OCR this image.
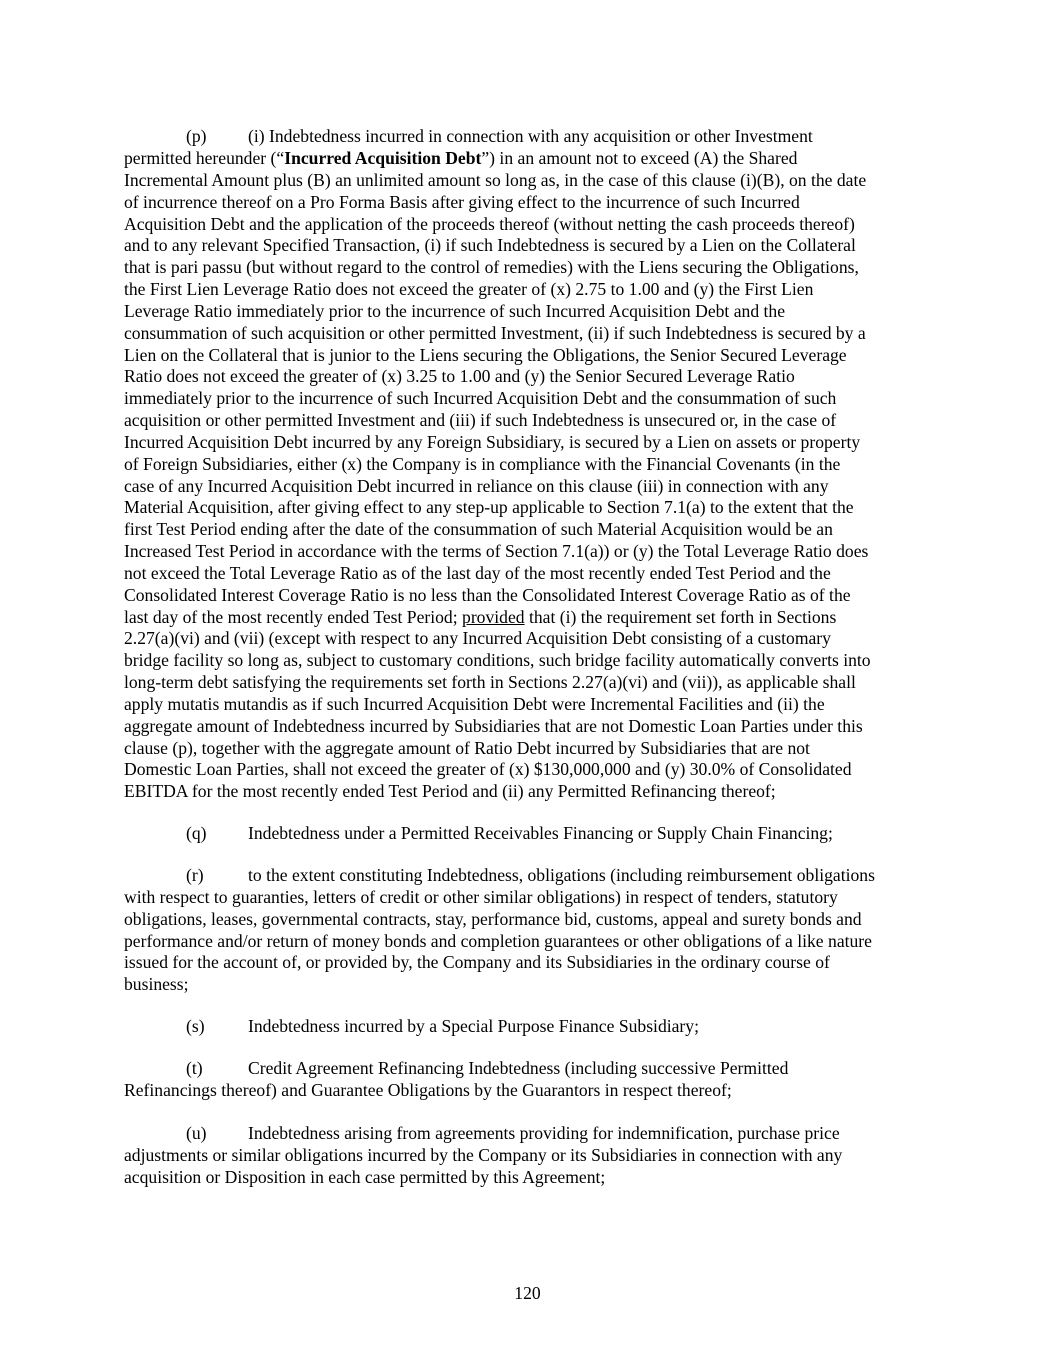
(p) (i) Indebtedness incurred in connection with any acquisition or other Investment
permitted hereunder (“Incurred Acquisition Debt”) in an amount not to exceed (A) the Shared
Incremental Amount plus (B) an unlimited amount so long as, in the case of this clause (i)(B), on the date
of incurrence thereof on a Pro Forma Basis after giving effect to the incurrence of such Incurred
Acquisition Debt and the application of the proceeds thereof (without netting the cash proceeds thereof)
and to any relevant Specified Transaction, (i) if such Indebtedness is secured by a Lien on the Collateral
that is pari passu (but without regard to the control of remedies) with the Liens securing the Obligations,
the First Lien Leverage Ratio does not exceed the greater of (x) 2.75 to 1.00 and (y) the First Lien
Leverage Ratio immediately prior to the incurrence of such Incurred Acquisition Debt and the
consummation of such acquisition or other permitted Investment, (ii) if such Indebtedness is secured by a
Lien on the Collateral that is junior to the Liens securing the Obligations, the Senior Secured Leverage
Ratio does not exceed the greater of (x) 3.25 to 1.00 and (y) the Senior Secured Leverage Ratio
immediately prior to the incurrence of such Incurred Acquisition Debt and the consummation of such
acquisition or other permitted Investment and (iii) if such Indebtedness is unsecured or, in the case of
Incurred Acquisition Debt incurred by any Foreign Subsidiary, is secured by a Lien on assets or property
of Foreign Subsidiaries, either (x) the Company is in compliance with the Financial Covenants (in the
case of any Incurred Acquisition Debt incurred in reliance on this clause (iii) in connection with any
Material Acquisition, after giving effect to any step-up applicable to Section 7.1(a) to the extent that the
first Test Period ending after the date of the consummation of such Material Acquisition would be an
Increased Test Period in accordance with the terms of Section 7.1(a)) or (y) the Total Leverage Ratio does
not exceed the Total Leverage Ratio as of the last day of the most recently ended Test Period and the
Consolidated Interest Coverage Ratio is no less than the Consolidated Interest Coverage Ratio as of the
last day of the most recently ended Test Period; provided that (i) the requirement set forth in Sections
2.27(a)(vi) and (vii) (except with respect to any Incurred Acquisition Debt consisting of a customary
bridge facility so long as, subject to customary conditions, such bridge facility automatically converts into
long-term debt satisfying the requirements set forth in Sections 2.27(a)(vi) and (vii)), as applicable shall
apply mutatis mutandis as if such Incurred Acquisition Debt were Incremental Facilities and (ii) the
aggregate amount of Indebtedness incurred by Subsidiaries that are not Domestic Loan Parties under this
clause (p), together with the aggregate amount of Ratio Debt incurred by Subsidiaries that are not
Domestic Loan Parties, shall not exceed the greater of (x) $130,000,000 and (y) 30.0% of Consolidated
EBITDA for the most recently ended Test Period and (ii) any Permitted Refinancing thereof;
(q) Indebtedness under a Permitted Receivables Financing or Supply Chain Financing;
(r)	to the extent constituting Indebtedness, obligations (including reimbursement obligations
with respect to guaranties, letters of credit or other similar obligations) in respect of tenders, statutory
obligations, leases, governmental contracts, stay, performance bid, customs, appeal and surety bonds and
performance and/or return of money bonds and completion guarantees or other obligations of a like nature
issued for the account of, or provided by, the Company and its Subsidiaries in the ordinary course of
business;
(s) Indebtedness incurred by a Special Purpose Finance Subsidiary;
(t)	Credit Agreement Refinancing Indebtedness (including successive Permitted
Refinancings thereof) and Guarantee Obligations by the Guarantors in respect thereof;
(u) Indebtedness arising from agreements providing for indemnification, purchase price
adjustments or similar obligations incurred by the Company or its Subsidiaries in connection with any
acquisition or Disposition in each case permitted by this Agreement;
120
